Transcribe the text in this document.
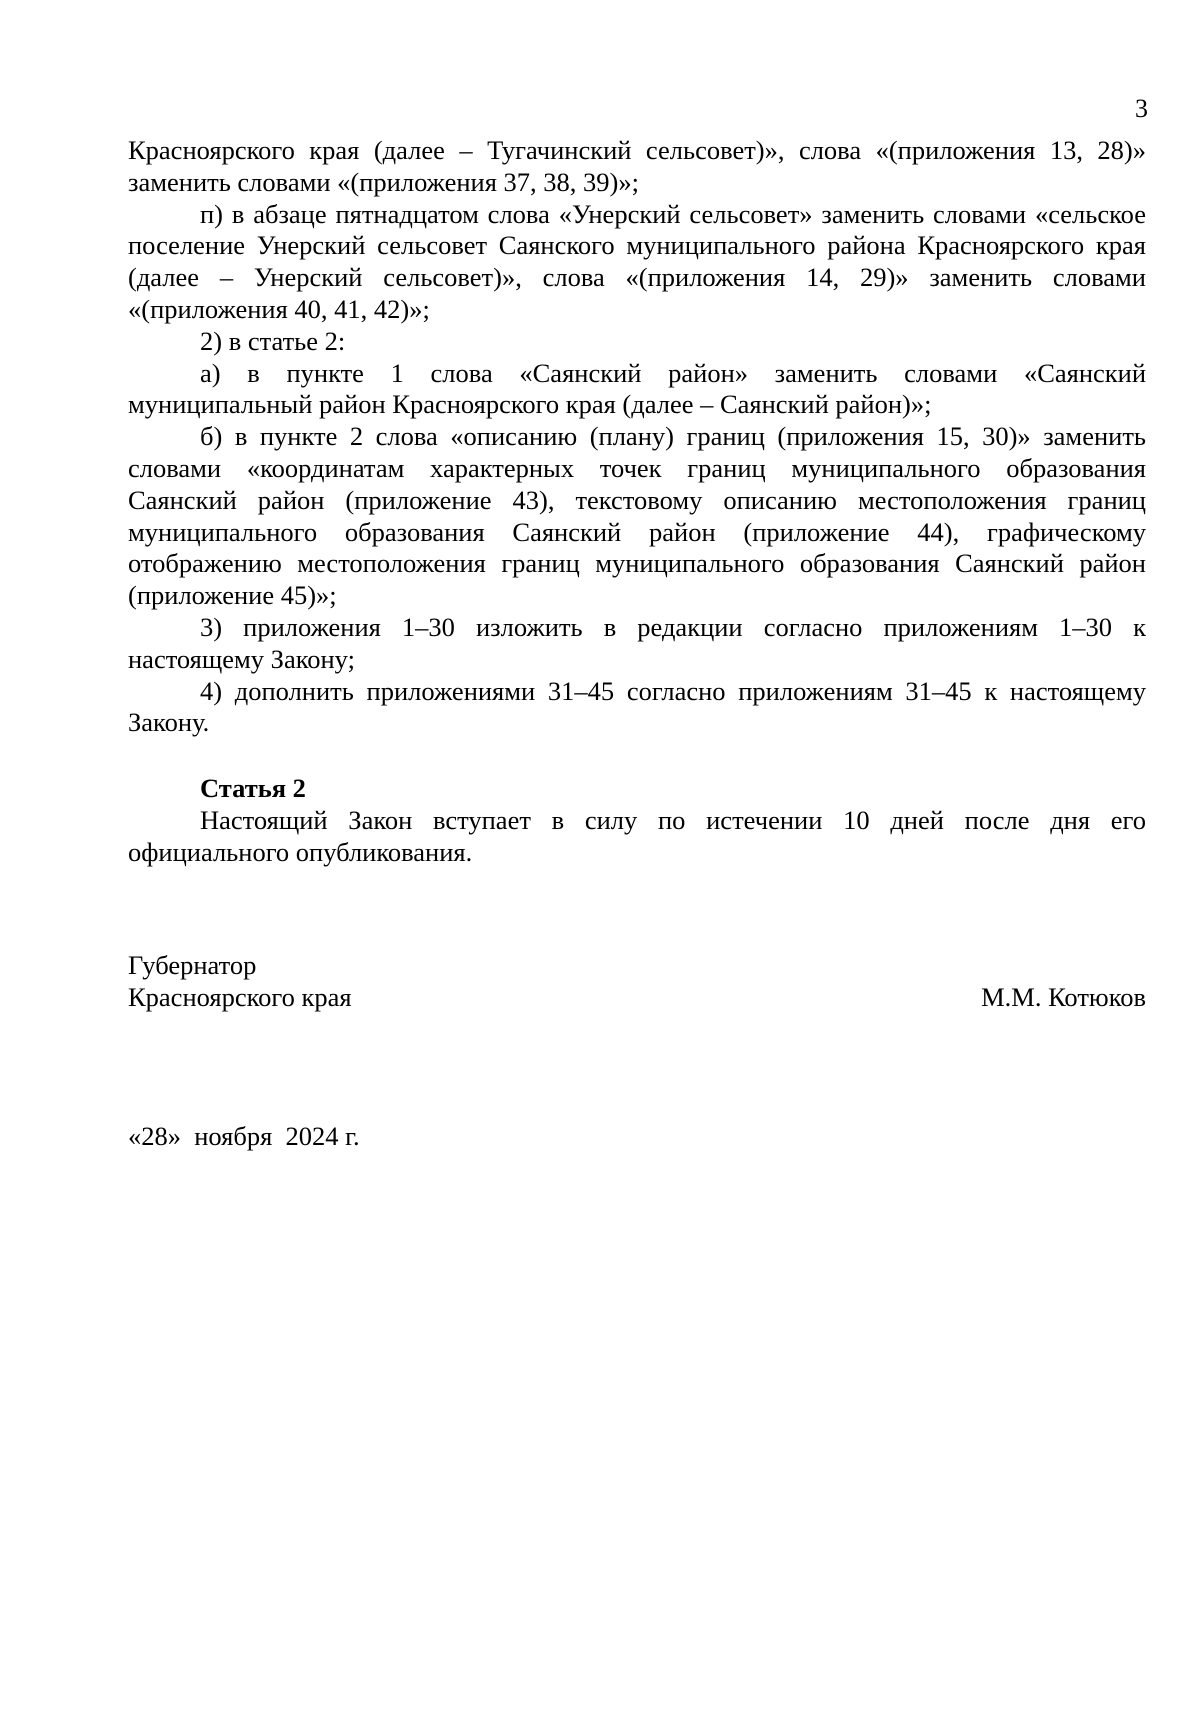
3

Красноярского края (далее – Тугачинский сельсовет)», слова «(приложения 13, 28)» заменить словами «(приложения 37, 38, 39)»;

п) в абзаце пятнадцатом слова «Унерский сельсовет» заменить словами «сельское поселение Унерский сельсовет Саянского муниципального района Красноярского края (далее – Унерский сельсовет)», слова «(приложения 14, 29)» заменить словами «(приложения 40, 41, 42)»;

2) в статье 2:

а) в пункте 1 слова «Саянский район» заменить словами «Саянский муниципальный район Красноярского края (далее – Саянский район)»;

б) в пункте 2 слова «описанию (плану) границ (приложения 15, 30)» заменить словами «координатам характерных точек границ муниципального образования Саянский район (приложение 43), текстовому описанию местоположения границ муниципального образования Саянский район (приложение 44), графическому отображению местоположения границ муниципального образования Саянский район (приложение 45)»;

3) приложения 1–30 изложить в редакции согласно приложениям 1–30 к настоящему Закону;

4) дополнить приложениями 31–45 согласно приложениям 31–45 к настоящему Закону.

Статья 2

Настоящий Закон вступает в силу по истечении 10 дней после дня его официального опубликования.

Губернатор
Красноярского края	М.М. Котюков
«28»  ноября  2024 г.
